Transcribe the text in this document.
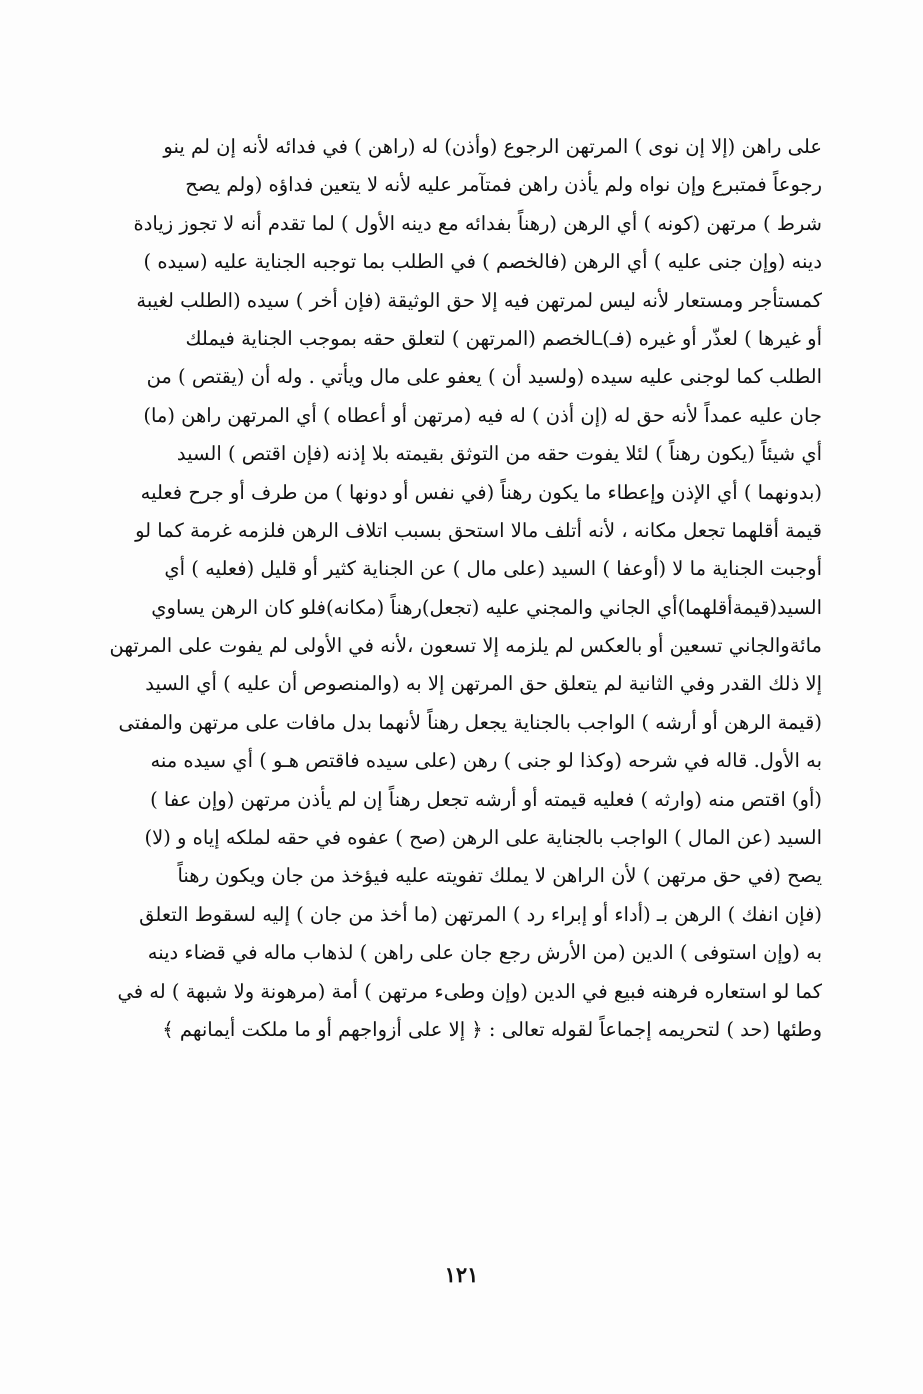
على راهن (إلا إن نوى ) المرتهن الرجوع (وأذن) له (راهن ) في فدائه لأنه إن لم ينو
رجوعاً فمتبرع وإن نواه ولم يأذن راهن فمتآمر عليه لأنه لا يتعين فداؤه (ولم يصح
شرط ) مرتهن (كونه ) أي الرهن (رهناً بفدائه مع دينه الأول ) لما تقدم أنه لا تجوز زيادة
دينه (وإن جنى عليه ) أي الرهن (فالخصم ) في الطلب بما توجبه الجناية عليه (سيده )
كمستأجر ومستعار لأنه ليس لمرتهن فيه إلا حق الوثيقة (فإن أخر ) سيده (الطلب لغيبة
أو غيرها ) لعذّر أو غيره (فـ)ـالخصم (المرتهن ) لتعلق حقه بموجب الجناية فيملك
الطلب كما لوجنى عليه سيده (ولسيد أن ) يعفو على مال ويأتي . وله أن (يقتص ) من
جان عليه عمداً لأنه حق له (إن أذن ) له فيه (مرتهن أو أعطاه ) أي المرتهن راهن (ما)
أي شيئاً (يكون رهناً ) لئلا يفوت حقه من التوثق بقيمته بلا إذنه (فإن اقتص ) السيد
(بدونهما ) أي الإذن وإعطاء ما يكون رهناً (في نفس أو دونها ) من طرف أو جرح فعليه
قيمة أقلهما تجعل مكانه ، لأنه أتلف مالا استحق بسبب اتلاف الرهن فلزمه غرمة كما لو
أوجبت الجناية ما لا (أوعفا ) السيد (على مال ) عن الجناية كثير أو قليل (فعليه ) أي
السيد(قيمةأقلهما)أي الجاني والمجني عليه (تجعل)رهناً (مكانه)فلو كان الرهن يساوي
مائةوالجاني تسعين أو بالعكس لم يلزمه إلا تسعون ،لأنه في الأولى لم يفوت على المرتهن
إلا ذلك القدر وفي الثانية لم يتعلق حق المرتهن إلا به (والمنصوص أن عليه ) أي السيد
(قيمة الرهن أو أرشه ) الواجب بالجناية يجعل رهناً لأنهما بدل مافات على مرتهن والمفتى
به الأول. قاله في شرحه (وكذا لو جنى ) رهن (على سيده فاقتص هـو ) أي سيده منه
(أو) اقتص منه (وارثه ) فعليه قيمته أو أرشه تجعل رهناً إن لم يأذن مرتهن (وإن عفا )
السيد (عن المال ) الواجب بالجناية على الرهن (صح ) عفوه في حقه لملكه إياه و (لا)
يصح (في حق مرتهن ) لأن الراهن لا يملك تفويته عليه فيؤخذ من جان ويكون رهناً
(فإن انفك ) الرهن بـ (أداء أو إبراء رد ) المرتهن (ما أخذ من جان ) إليه لسقوط التعلق
به (وإن استوفى ) الدين (من الأرش رجع جان على راهن ) لذهاب ماله في قضاء دينه
كما لو استعاره فرهنه فبيع في الدين (وإن وطىء مرتهن ) أمة (مرهونة ولا شبهة ) له في
وطئها (حد ) لتحريمه إجماعاً لقوله تعالى : ﴿ إلا على أزواجهم أو ما ملكت أيمانهم ﴾
١٢١
